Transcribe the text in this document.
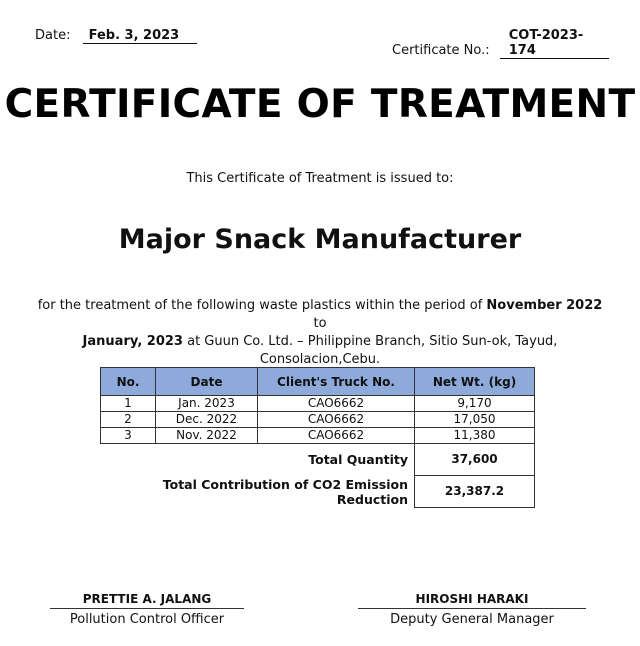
Date: Feb. 3, 2023
Certificate No.: COT-2023-174
CERTIFICATE OF TREATMENT
This Certificate of Treatment is issued to:
Major Snack Manufacturer
for the treatment of the following waste plastics within the period of November 2022 to
January, 2023 at Guun Co. Ltd. – Philippine Branch, Sitio Sun-ok, Tayud,
Consolacion,Cebu.
No.	Date	Client's Truck No.	Net Wt. (kg)
1	Jan. 2023	CAO6662	9,170
2	Dec. 2022	CAO6662	17,050
3	Nov. 2022	CAO6662	11,380
Total Quantity			37,600
Total Contribution of CO2 Emission Reduction			23,387.2
PRETTIE A. JALANG
Pollution Control Officer
HIROSHI HARAKI
Deputy General Manager
